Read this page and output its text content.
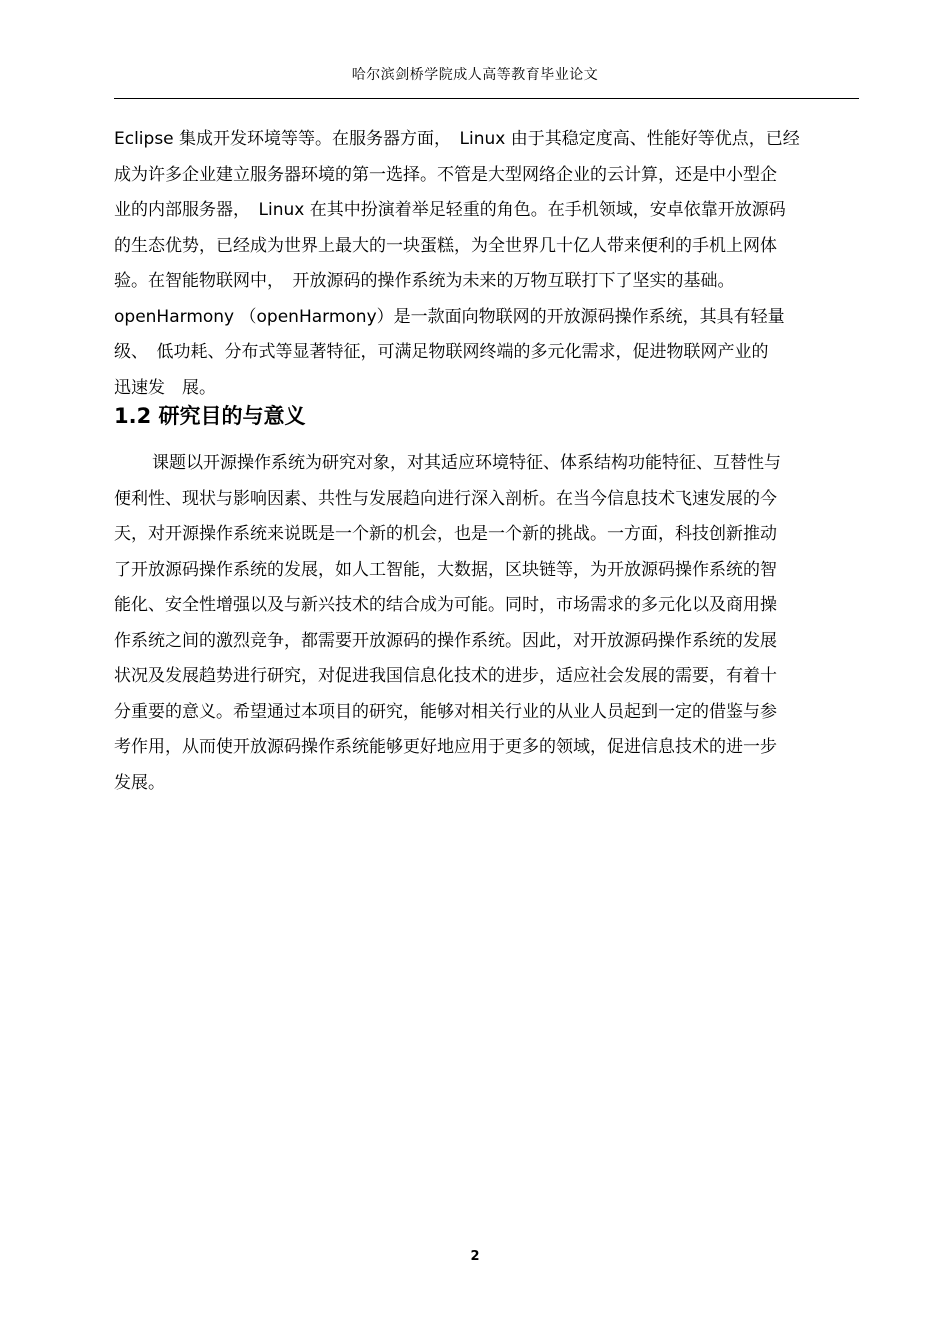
哈尔滨剑桥学院成人高等教育毕业论文
Eclipse 集成开发环境等等。在服务器方面，　Linux 由于其稳定度高、性能好等优点，已经
成为许多企业建立服务器环境的第一选择。不管是大型网络企业的云计算，还是中小型企
业的内部服务器，　Linux 在其中扮演着举足轻重的角色。在手机领域，安卓依靠开放源码
的生态优势，已经成为世界上最大的一块蛋糕，为全世界几十亿人带来便利的手机上网体
验。在智能物联网中，　开放源码的操作系统为未来的万物互联打下了坚实的基础。
openHarmony （openHarmony）是一款面向物联网的开放源码操作系统，其具有轻量
级、　低功耗、分布式等显著特征，可满足物联网终端的多元化需求，促进物联网产业的
迅速发　展。
1.2 研究目的与意义
课题以开源操作系统为研究对象，对其适应环境特征、体系结构功能特征、互替性与
便利性、现状与影响因素、共性与发展趋向进行深入剖析。在当今信息技术飞速发展的今
天，对开源操作系统来说既是一个新的机会，也是一个新的挑战。一方面，科技创新推动
了开放源码操作系统的发展，如人工智能，大数据，区块链等，为开放源码操作系统的智
能化、安全性增强以及与新兴技术的结合成为可能。同时，市场需求的多元化以及商用操
作系统之间的激烈竞争，都需要开放源码的操作系统。因此，对开放源码操作系统的发展
状况及发展趋势进行研究，对促进我国信息化技术的进步，适应社会发展的需要，有着十
分重要的意义。希望通过本项目的研究，能够对相关行业的从业人员起到一定的借鉴与参
考作用，从而使开放源码操作系统能够更好地应用于更多的领域，促进信息技术的进一步
发展。
2
